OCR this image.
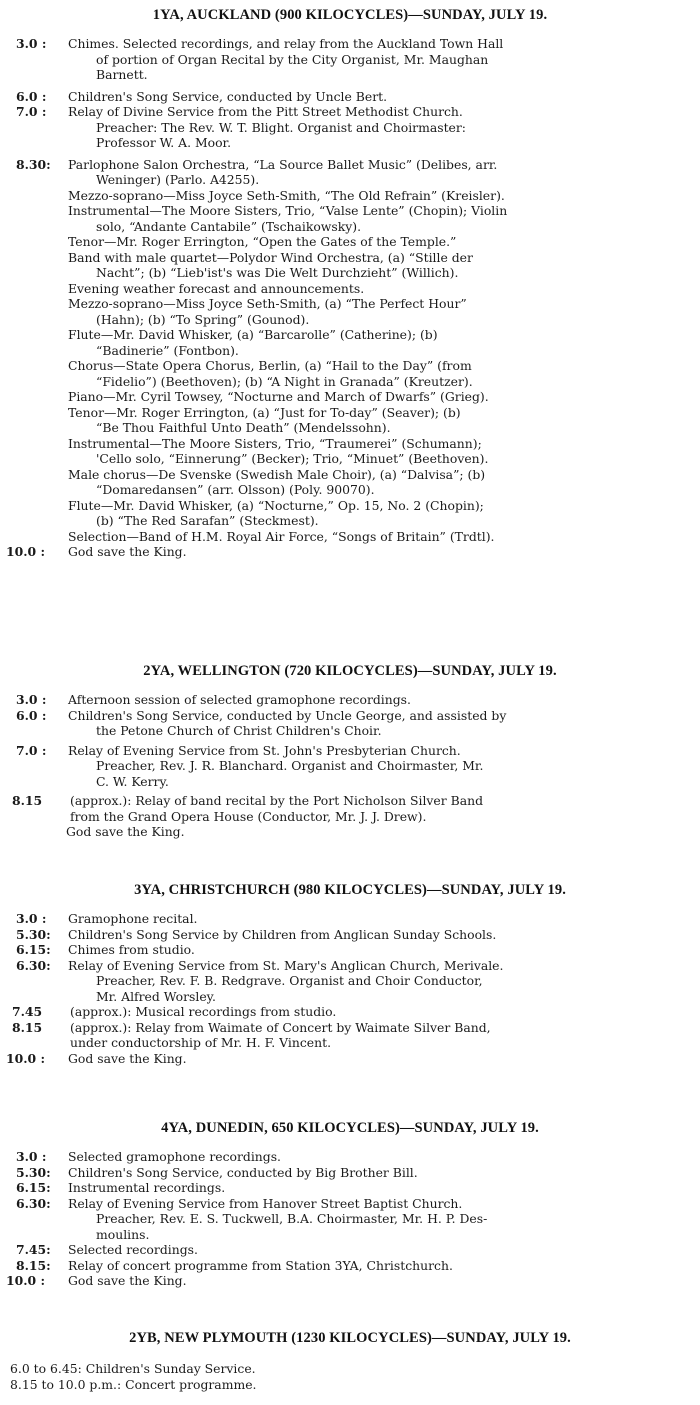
1YA, AUCKLAND (900 KILOCYCLES)—SUNDAY, JULY 19.
3.0 : Chimes. Selected recordings, and relay from the Auckland Town Hall
of portion of Organ Recital by the City Organist, Mr. Maughan
Barnett.
6.0 : Children's Song Service, conducted by Uncle Bert.
7.0 : Relay of Divine Service from the Pitt Street Methodist Church.
Preacher: The Rev. W. T. Blight. Organist and Choirmaster:
Professor W. A. Moor.
8.30: Parlophone Salon Orchestra, “La Source Ballet Music” (Delibes, arr.
Weninger) (Parlo. A4255).
Mezzo-soprano—Miss Joyce Seth-Smith, “The Old Refrain” (Kreisler).
Instrumental—The Moore Sisters, Trio, “Valse Lente” (Chopin); Violin
solo, “Andante Cantabile” (Tschaikowsky).
Tenor—Mr. Roger Errington, “Open the Gates of the Temple.”
Band with male quartet—Polydor Wind Orchestra, (a) “Stille der
Nacht”; (b) “Lieb'ist's was Die Welt Durchzieht” (Willich).
Evening weather forecast and announcements.
Mezzo-soprano—Miss Joyce Seth-Smith, (a) “The Perfect Hour”
(Hahn); (b) “To Spring” (Gounod).
Flute—Mr. David Whisker, (a) “Barcarolle” (Catherine); (b)
“Badinerie” (Fontbon).
Chorus—State Opera Chorus, Berlin, (a) “Hail to the Day” (from
“Fidelio”) (Beethoven); (b) “A Night in Granada” (Kreutzer).
Piano—Mr. Cyril Towsey, “Nocturne and March of Dwarfs” (Grieg).
Tenor—Mr. Roger Errington, (a) “Just for To-day” (Seaver); (b)
“Be Thou Faithful Unto Death” (Mendelssohn).
Instrumental—The Moore Sisters, Trio, “Traumerei” (Schumann);
'Cello solo, “Einnerung” (Becker); Trio, “Minuet” (Beethoven).
Male chorus—De Svenske (Swedish Male Choir), (a) “Dalvisa”; (b)
“Domaredansen” (arr. Olsson) (Poly. 90070).
Flute—Mr. David Whisker, (a) “Nocturne,” Op. 15, No. 2 (Chopin);
(b) “The Red Sarafan” (Steckmest).
Selection—Band of H.M. Royal Air Force, “Songs of Britain” (Trdtl).
10.0 : God save the King.
2YA, WELLINGTON (720 KILOCYCLES)—SUNDAY, JULY 19.
3.0 : Afternoon session of selected gramophone recordings.
6.0 : Children's Song Service, conducted by Uncle George, and assisted by
the Petone Church of Christ Children's Choir.
7.0 : Relay of Evening Service from St. John's Presbyterian Church.
Preacher, Rev. J. R. Blanchard. Organist and Choirmaster, Mr.
C. W. Kerry.
8.15 (approx.): Relay of band recital by the Port Nicholson Silver Band
from the Grand Opera House (Conductor, Mr. J. J. Drew).
God save the King.
3YA, CHRISTCHURCH (980 KILOCYCLES)—SUNDAY, JULY 19.
3.0 : Gramophone recital.
5.30: Children's Song Service by Children from Anglican Sunday Schools.
6.15: Chimes from studio.
6.30: Relay of Evening Service from St. Mary's Anglican Church, Merivale.
Preacher, Rev. F. B. Redgrave. Organist and Choir Conductor,
Mr. Alfred Worsley.
7.45 (approx.): Musical recordings from studio.
8.15 (approx.): Relay from Waimate of Concert by Waimate Silver Band,
under conductorship of Mr. H. F. Vincent.
10.0 : God save the King.
4YA, DUNEDIN, 650 KILOCYCLES)—SUNDAY, JULY 19.
3.0 : Selected gramophone recordings.
5.30: Children's Song Service, conducted by Big Brother Bill.
6.15: Instrumental recordings.
6.30: Relay of Evening Service from Hanover Street Baptist Church.
Preacher, Rev. E. S. Tuckwell, B.A. Choirmaster, Mr. H. P. Des-
moulins.
7.45: Selected recordings.
8.15: Relay of concert programme from Station 3YA, Christchurch.
10.0 : God save the King.
2YB, NEW PLYMOUTH (1230 KILOCYCLES)—SUNDAY, JULY 19.
6.0 to 6.45: Children's Sunday Service.
8.15 to 10.0 p.m.: Concert programme.
